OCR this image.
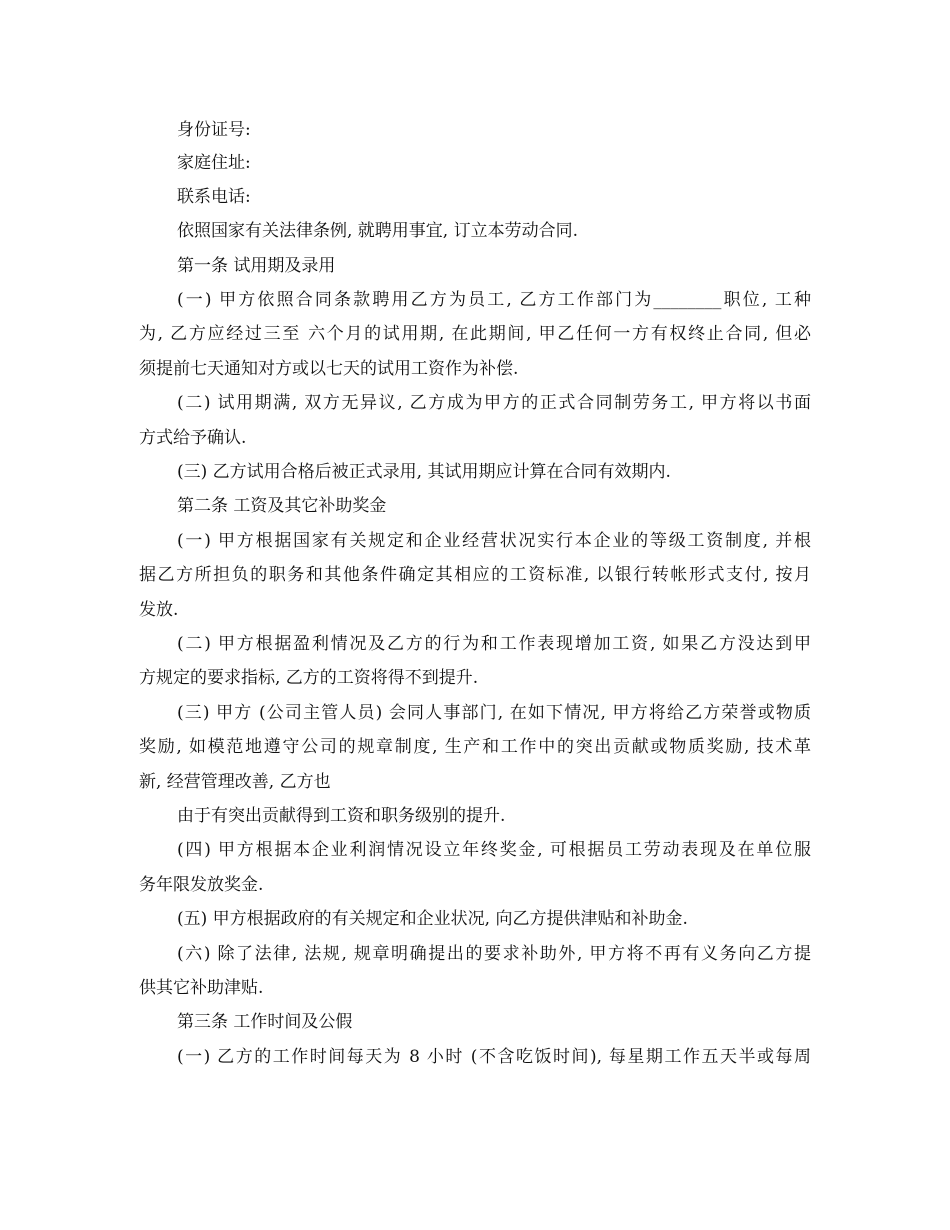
身份证号:
家庭住址:
联系电话:
依照国家有关法律条例, 就聘用事宜, 订立本劳动合同.
第一条 试用期及录用
(一) 甲方依照合同条款聘用乙方为员工, 乙方工作部门为________职位, 工种
为, 乙方应经过三至 六个月的试用期, 在此期间, 甲乙任何一方有权终止合同, 但必
须提前七天通知对方或以七天的试用工资作为补偿.
(二) 试用期满, 双方无异议, 乙方成为甲方的正式合同制劳务工, 甲方将以书面
方式给予确认.
(三) 乙方试用合格后被正式录用, 其试用期应计算在合同有效期内.
第二条 工资及其它补助奖金
(一) 甲方根据国家有关规定和企业经营状况实行本企业的等级工资制度, 并根
据乙方所担负的职务和其他条件确定其相应的工资标准, 以银行转帐形式支付, 按月
发放.
(二) 甲方根据盈利情况及乙方的行为和工作表现增加工资, 如果乙方没达到甲
方规定的要求指标, 乙方的工资将得不到提升.
(三) 甲方 (公司主管人员) 会同人事部门, 在如下情况, 甲方将给乙方荣誉或物质
奖励, 如模范地遵守公司的规章制度, 生产和工作中的突出贡献或物质奖励, 技术革
新, 经营管理改善, 乙方也
由于有突出贡献得到工资和职务级别的提升.
(四) 甲方根据本企业利润情况设立年终奖金, 可根据员工劳动表现及在单位服
务年限发放奖金.
(五) 甲方根据政府的有关规定和企业状况, 向乙方提供津贴和补助金.
(六) 除了法律, 法规, 规章明确提出的要求补助外, 甲方将不再有义务向乙方提
供其它补助津贴.
第三条 工作时间及公假
(一) 乙方的工作时间每天为 8 小时 (不含吃饭时间), 每星期工作五天半或每周
